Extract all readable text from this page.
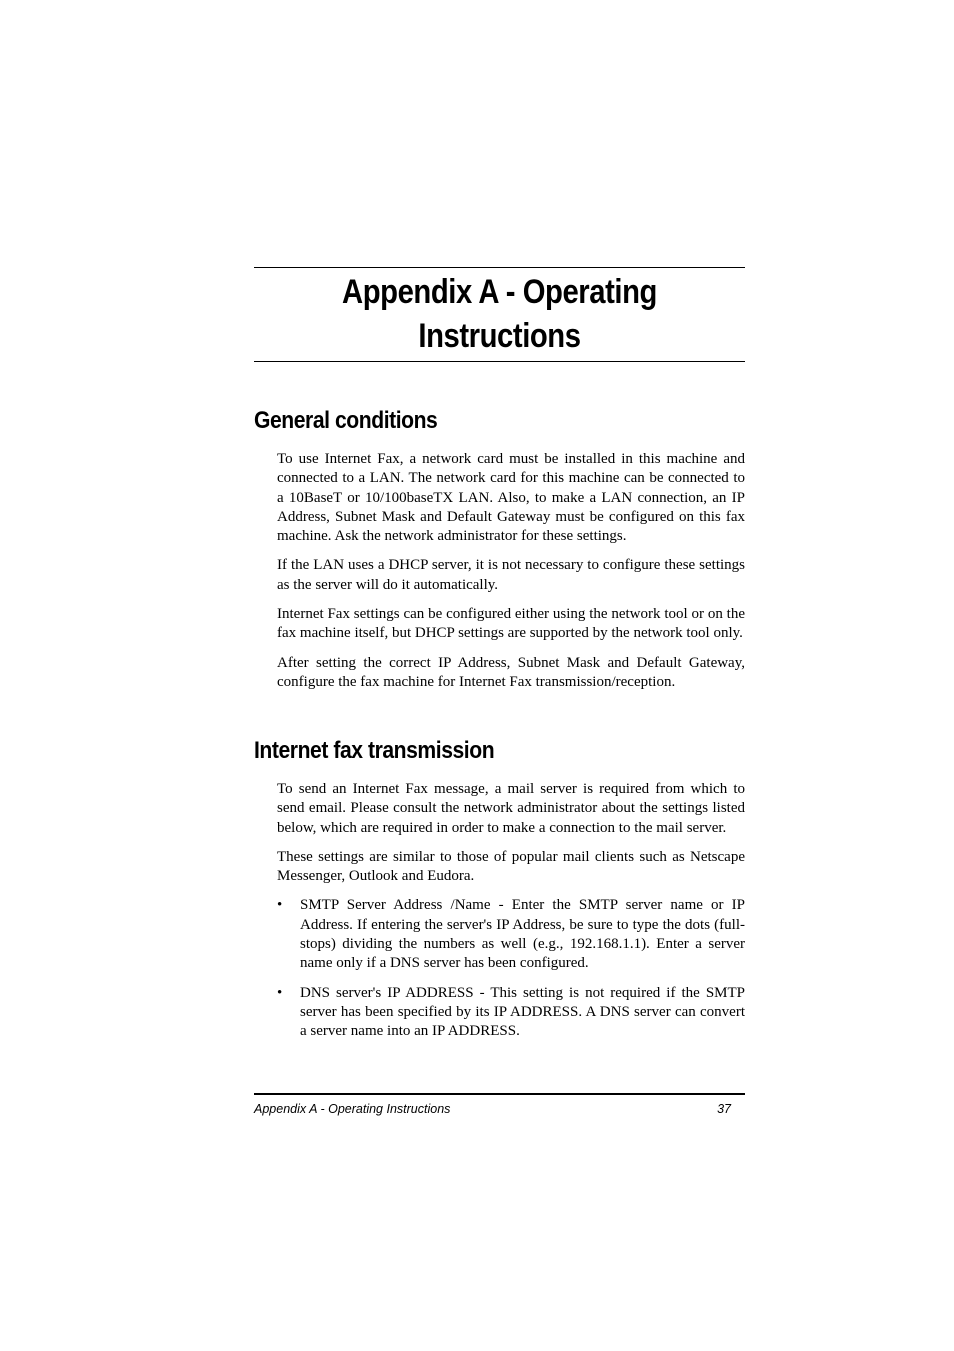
Appendix A - Operating
Instructions
General conditions

To use Internet Fax, a network card must be installed in this machine and connected to a LAN. The network card for this machine can be connected to a 10BaseT or 10/100baseTX LAN. Also, to make a LAN connection, an IP Address, Subnet Mask and Default Gateway must be configured on this fax machine. Ask the network administrator for these settings.

If the LAN uses a DHCP server, it is not necessary to configure these settings as the server will do it automatically.

Internet Fax settings can be configured either using the network tool or on the fax machine itself, but DHCP settings are supported by the network tool only.

After setting the correct IP Address, Subnet Mask and Default Gateway, configure the fax machine for Internet Fax transmission/reception.

Internet fax transmission

To send an Internet Fax message, a mail server is required from which to send email. Please consult the network administrator about the settings listed below, which are required in order to make a connection to the mail server.

These settings are similar to those of popular mail clients such as Netscape Messenger, Outlook and Eudora.

• SMTP Server Address /Name - Enter the SMTP server name or IP Address. If entering the server's IP Address, be sure to type the dots (full-stops) dividing the numbers as well (e.g., 192.168.1.1). Enter a server name only if a DNS server has been configured.
• DNS server's IP ADDRESS - This setting is not required if the SMTP server has been specified by its IP ADDRESS. A DNS server can convert a server name into an IP ADDRESS.
Appendix A - Operating Instructions	37
